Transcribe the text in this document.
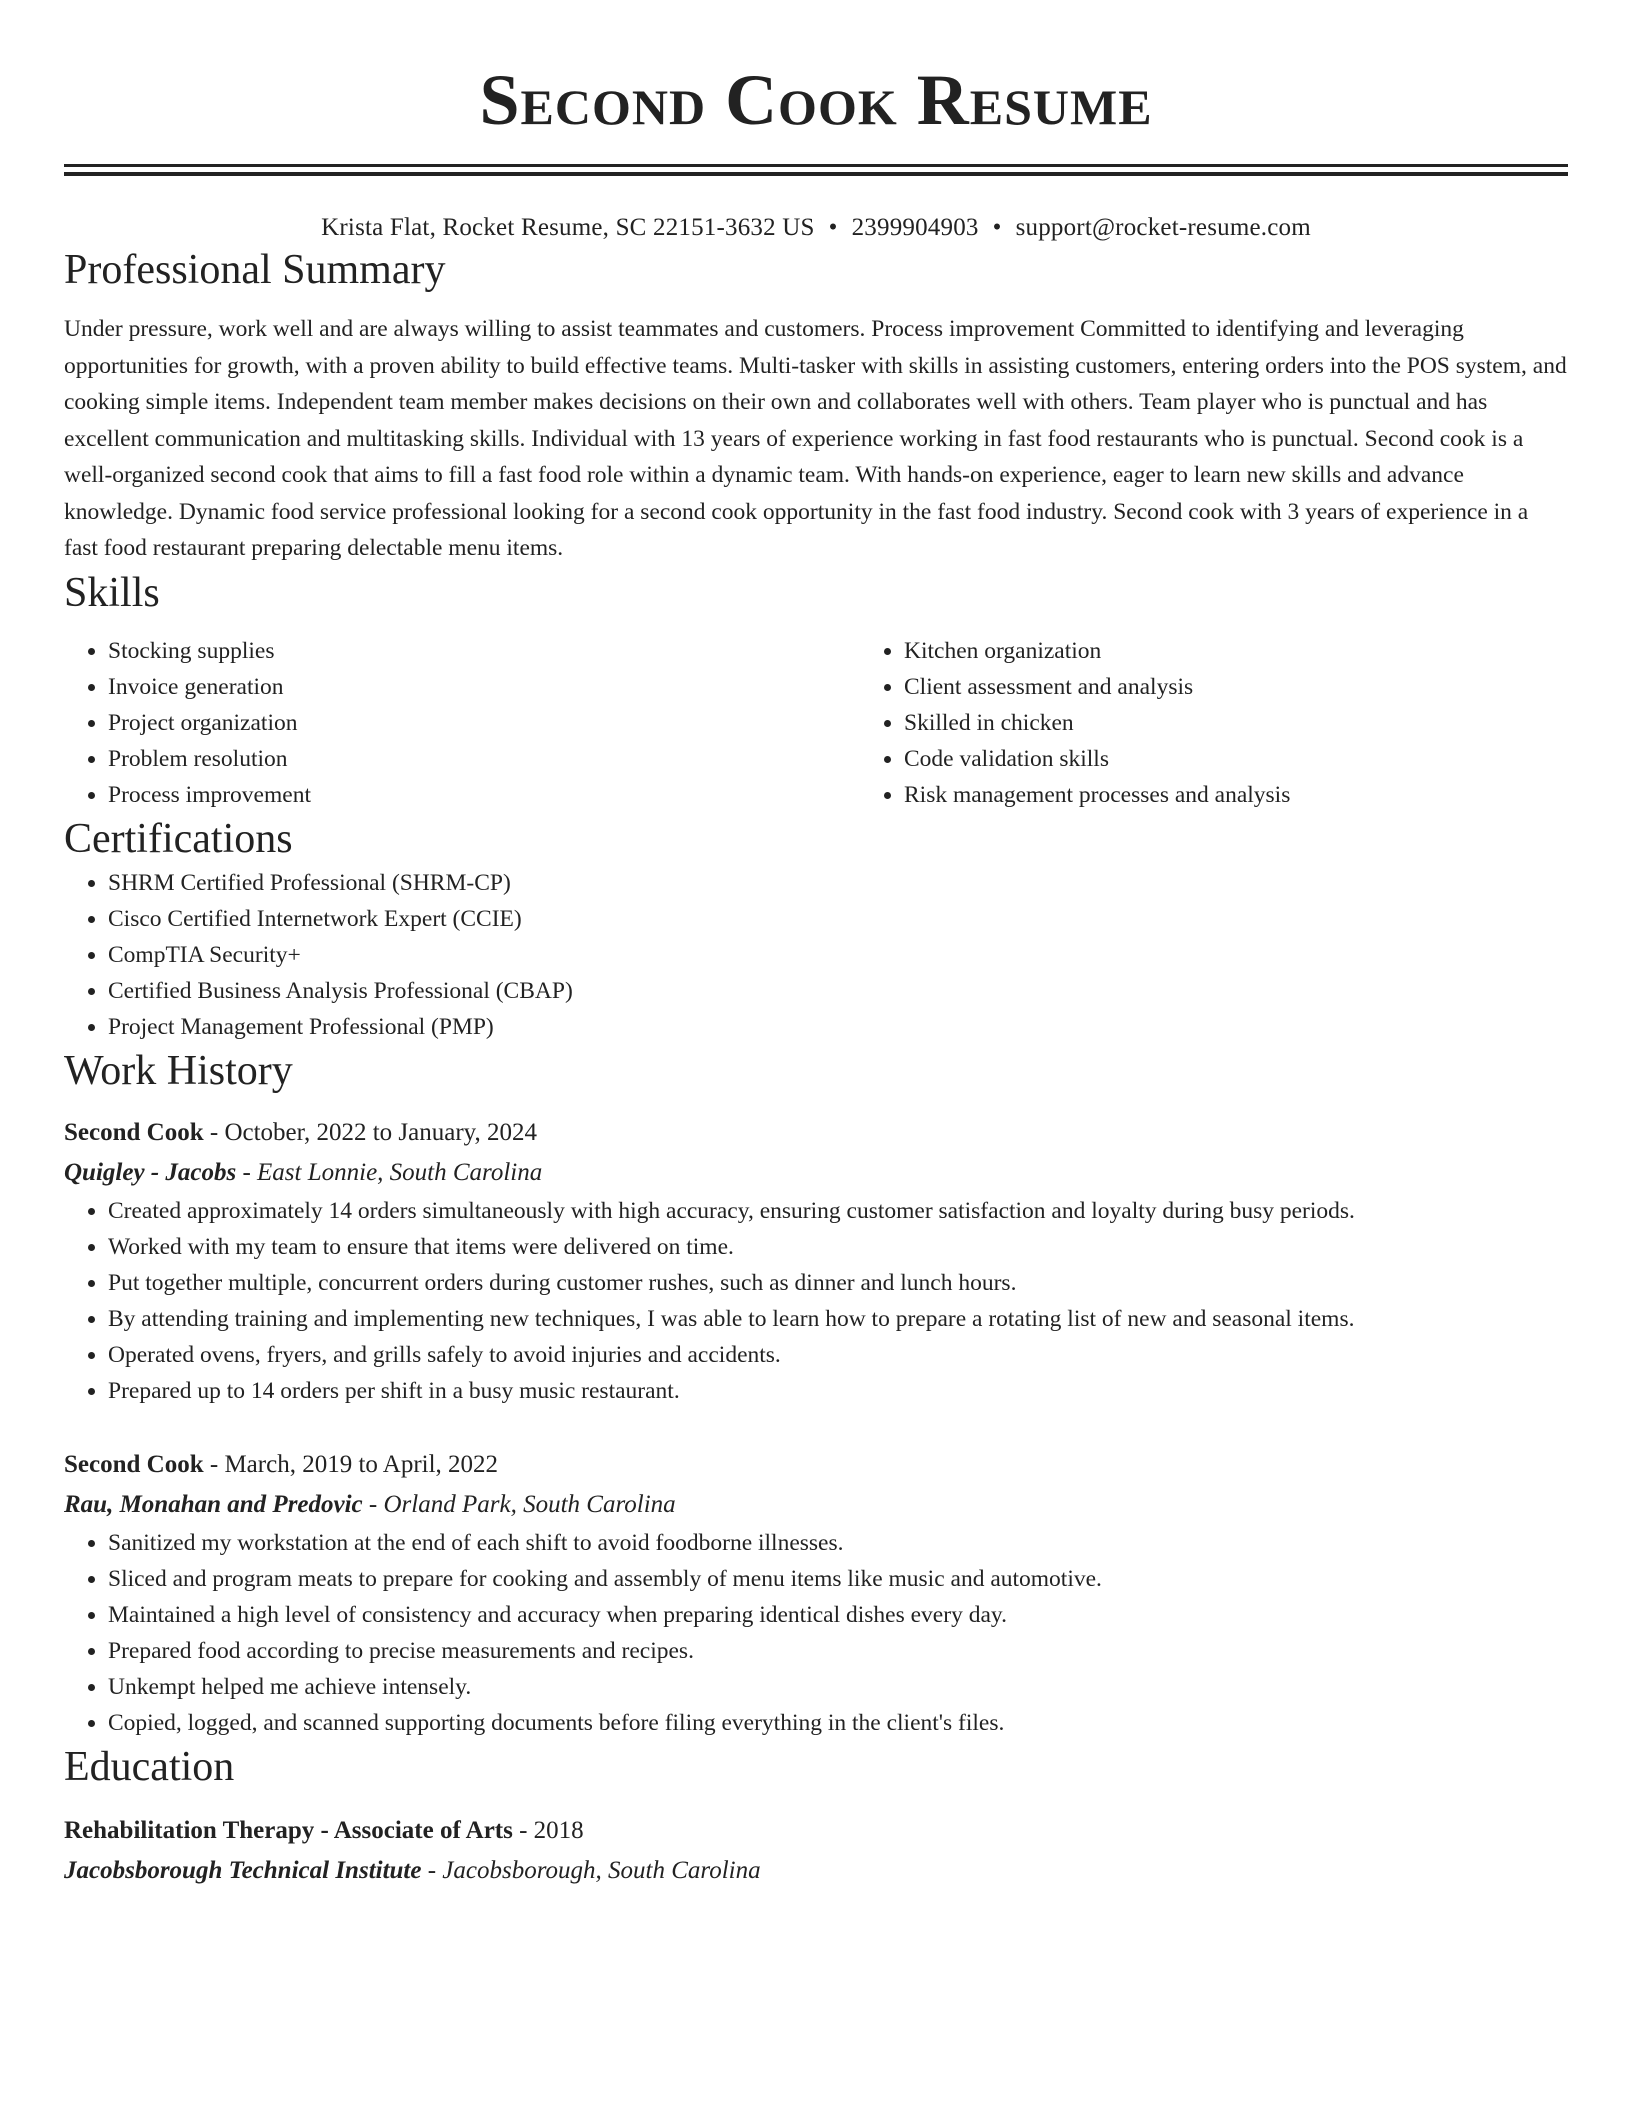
Second Cook Resume
Krista Flat, Rocket Resume, SC 22151-3632 US • 2399904903 • support@rocket-resume.com
Professional Summary

Under pressure, work well and are always willing to assist teammates and customers. Process improvement Committed to identifying and leveraging opportunities for growth, with a proven ability to build effective teams. Multi-tasker with skills in assisting customers, entering orders into the POS system, and cooking simple items. Independent team member makes decisions on their own and collaborates well with others. Team player who is punctual and has excellent communication and multitasking skills. Individual with 13 years of experience working in fast food restaurants who is punctual. Second cook is a well-organized second cook that aims to fill a fast food role within a dynamic team. With hands-on experience, eager to learn new skills and advance knowledge. Dynamic food service professional looking for a second cook opportunity in the fast food industry. Second cook with 3 years of experience in a fast food restaurant preparing delectable menu items.

Skills
• Stocking supplies
• Invoice generation
• Project organization
• Problem resolution
• Process improvement
• Kitchen organization
• Client assessment and analysis
• Skilled in chicken
• Code validation skills
• Risk management processes and analysis
Certifications
• SHRM Certified Professional (SHRM-CP)
• Cisco Certified Internetwork Expert (CCIE)
• CompTIA Security+
• Certified Business Analysis Professional (CBAP)
• Project Management Professional (PMP)
Work History
Second Cook - October, 2022 to January, 2024
Quigley - Jacobs - East Lonnie, South Carolina
• Created approximately 14 orders simultaneously with high accuracy, ensuring customer satisfaction and loyalty during busy periods.
• Worked with my team to ensure that items were delivered on time.
• Put together multiple, concurrent orders during customer rushes, such as dinner and lunch hours.
• By attending training and implementing new techniques, I was able to learn how to prepare a rotating list of new and seasonal items.
• Operated ovens, fryers, and grills safely to avoid injuries and accidents.
• Prepared up to 14 orders per shift in a busy music restaurant.
Second Cook - March, 2019 to April, 2022
Rau, Monahan and Predovic - Orland Park, South Carolina
• Sanitized my workstation at the end of each shift to avoid foodborne illnesses.
• Sliced and program meats to prepare for cooking and assembly of menu items like music and automotive.
• Maintained a high level of consistency and accuracy when preparing identical dishes every day.
• Prepared food according to precise measurements and recipes.
• Unkempt helped me achieve intensely.
• Copied, logged, and scanned supporting documents before filing everything in the client's files.
Education
Rehabilitation Therapy - Associate of Arts - 2018
Jacobsborough Technical Institute - Jacobsborough, South Carolina
